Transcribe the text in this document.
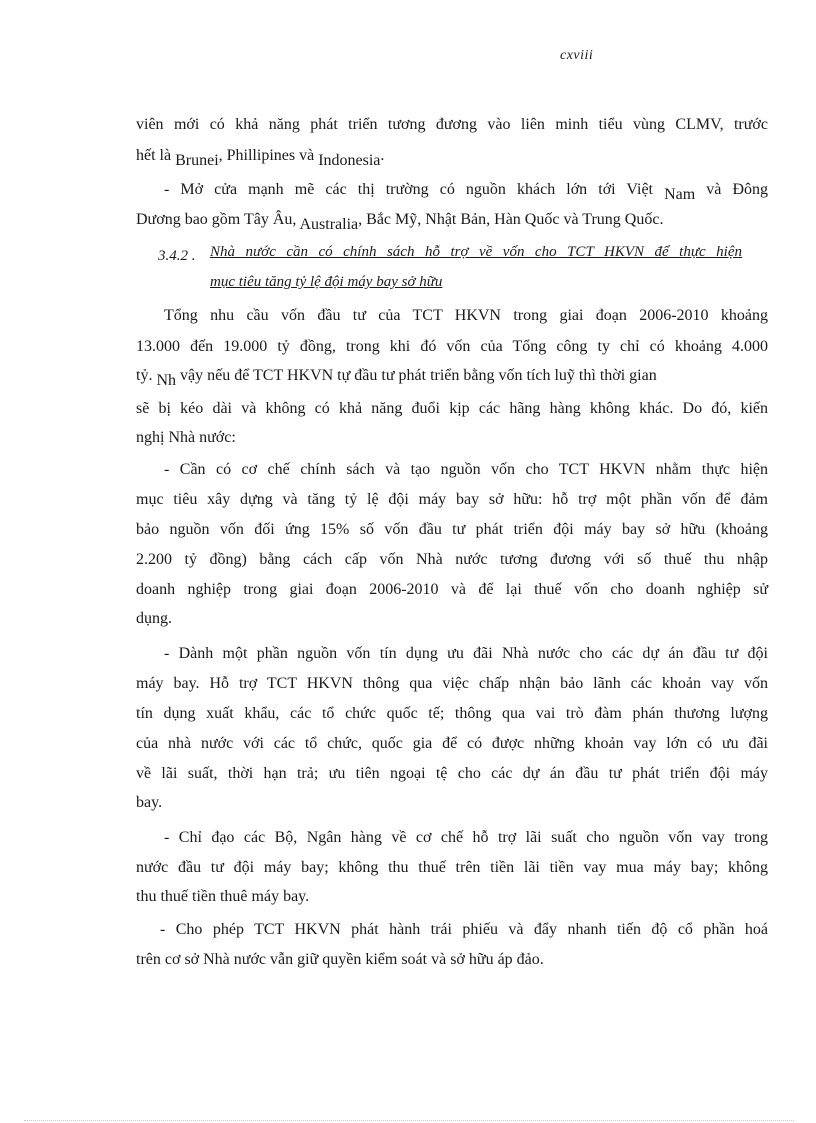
cxviii
viên mới có khả năng phát triển tương đương vào liên minh tiểu vùng CLMV, trước
hết là Brunei, Phillipines và Indonesia.
- Mở cửa mạnh mẽ các thị trường có nguồn khách lớn tới Việt Nam và Đông
Dương bao gồm Tây Âu, Australia, Bắc Mỹ, Nhật Bản, Hàn Quốc và Trung Quốc.
3.4.2 . Nhà nước cần có chính sách hỗ trợ về vốn cho TCT HKVN để thực hiện
mục tiêu tăng tỷ lệ đội máy bay sở hữu
Tổng nhu cầu vốn đầu tư của TCT HKVN trong giai đoạn 2006-2010 khoảng
13.000 đến 19.000 tỷ đồng, trong khi đó vốn của Tổng công ty chỉ có khoảng 4.000
tỷ. Nh vậy nếu để TCT HKVN tự đầu tư phát triển bằng vốn tích luỹ thì thời gian
sẽ bị kéo dài và không có khả năng đuổi kịp các hãng hàng không khác. Do đó, kiến
nghị Nhà nước:
- Cần có cơ chế chính sách và tạo nguồn vốn cho TCT HKVN nhằm thực hiện
mục tiêu xây dựng và tăng tỷ lệ đội máy bay sở hữu: hỗ trợ một phần vốn để đảm
bảo nguồn vốn đối ứng 15% số vốn đầu tư phát triển đội máy bay sở hữu (khoảng
2.200 tỷ đồng) bằng cách cấp vốn Nhà nước tương đương với số thuế thu nhập
doanh nghiệp trong giai đoạn 2006-2010 và để lại thuế vốn cho doanh nghiệp sử
dụng.
- Dành một phần nguồn vốn tín dụng ưu đãi Nhà nước cho các dự án đầu tư đội
máy bay. Hỗ trợ TCT HKVN thông qua việc chấp nhận bảo lãnh các khoản vay vốn
tín dụng xuất khẩu, các tổ chức quốc tế; thông qua vai trò đàm phán thương lượng
của nhà nước với các tổ chức, quốc gia để có được những khoản vay lớn có ưu đãi
về lãi suất, thời hạn trả; ưu tiên ngoại tệ cho các dự án đầu tư phát triển đội máy
bay.
- Chỉ đạo các Bộ, Ngân hàng về cơ chế hỗ trợ lãi suất cho nguồn vốn vay trong
nước đầu tư đội máy bay; không thu thuế trên tiền lãi tiền vay mua máy bay; không
thu thuế tiền thuê máy bay.
- Cho phép TCT HKVN phát hành trái phiếu và đẩy nhanh tiến độ cổ phần hoá
trên cơ sở Nhà nước vẫn giữ quyền kiểm soát và sở hữu áp đảo.
